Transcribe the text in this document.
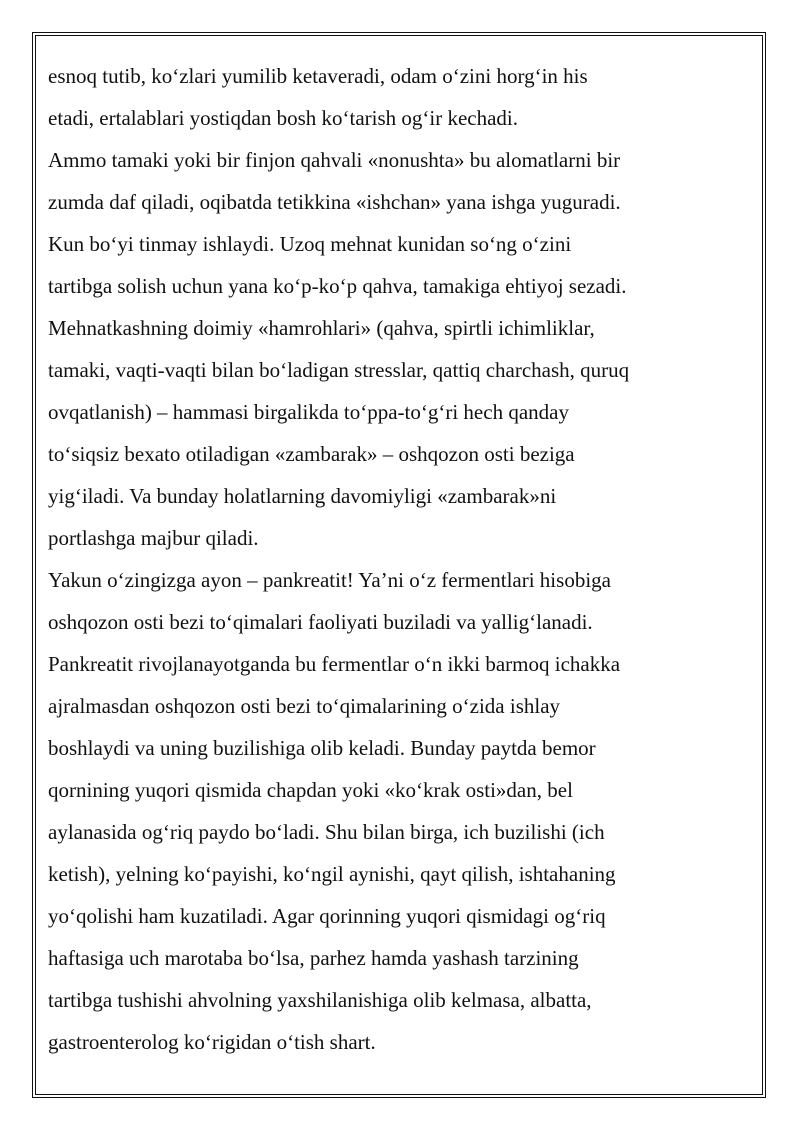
esnoq tutib, ko‘zlari yumilib ketaveradi, odam o‘zini horg‘in his
etadi, ertalablari yostiqdan bosh ko‘tarish og‘ir kechadi.
Ammo tamaki yoki bir finjon qahvali «nonushta» bu alomatlarni bir
zumda daf qiladi, oqibatda tetikkina «ishchan» yana ishga yuguradi.
Kun bo‘yi tinmay ishlaydi. Uzoq mehnat kunidan so‘ng o‘zini
tartibga solish uchun yana ko‘p-ko‘p qahva, tamakiga ehtiyoj sezadi.
Mehnatkashning doimiy «hamrohlari» (qahva, spirtli ichimliklar,
tamaki, vaqti-vaqti bilan bo‘ladigan stresslar, qattiq charchash, quruq
ovqatlanish) – hammasi birgalikda to‘ppa-to‘g‘ri hech qanday
to‘siqsiz bexato otiladigan «zambarak» – oshqozon osti beziga
yig‘iladi. Va bunday holatlarning davomiyligi «zambarak»ni
portlashga majbur qiladi.
Yakun o‘zingizga ayon – pankreatit! Ya’ni o‘z fermentlari hisobiga
oshqozon osti bezi to‘qimalari faoliyati buziladi va yallig‘lanadi.
Pankreatit rivojlanayotganda bu fermentlar o‘n ikki barmoq ichakka
ajralmasdan oshqozon osti bezi to‘qimalarining o‘zida ishlay
boshlaydi va uning buzilishiga olib keladi. Bunday paytda bemor
qornining yuqori qismida chapdan yoki «ko‘krak osti»dan, bel
aylanasida og‘riq paydo bo‘ladi. Shu bilan birga, ich buzilishi (ich
ketish), yelning ko‘payishi, ko‘ngil aynishi, qayt qilish, ishtahaning
yo‘qolishi ham kuzatiladi. Agar qorinning yuqori qismidagi og‘riq
haftasiga uch marotaba bo‘lsa, parhez hamda yashash tarzining
tartibga tushishi ahvolning yaxshilanishiga olib kelmasa, albatta,
gastroenterolog ko‘rigidan o‘tish shart.
